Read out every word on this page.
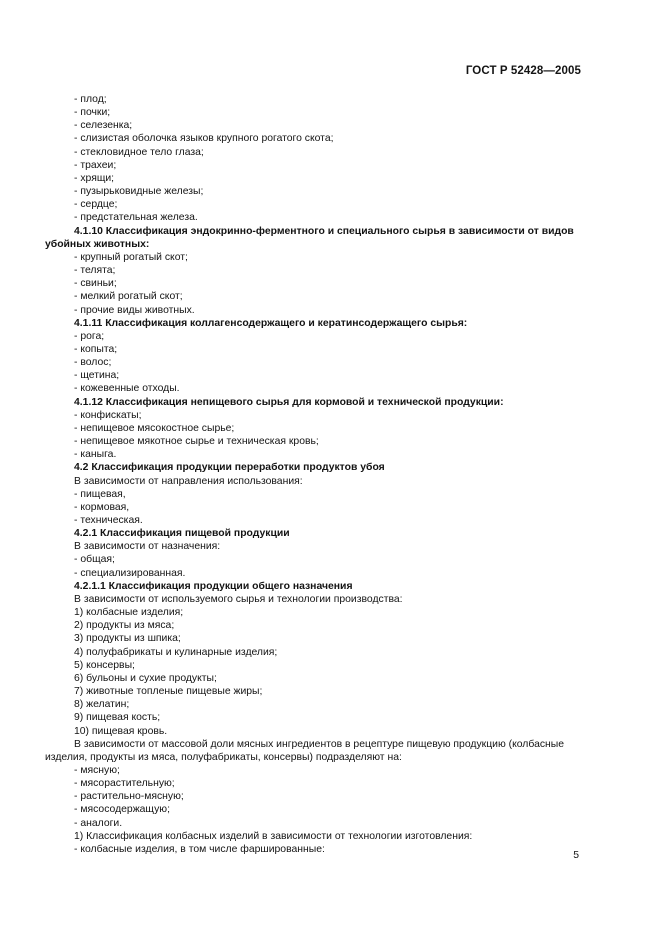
ГОСТ Р 52428—2005
- плод;
- почки;
- селезенка;
- слизистая оболочка языков крупного рогатого скота;
- стекловидное тело глаза;
- трахеи;
- хрящи;
- пузырьковидные железы;
- сердце;
- предстательная железа.
4.1.10 Классификация эндокринно-ферментного и специального сырья в зависимости от видов убойных животных:
- крупный рогатый скот;
- телята;
- свиньи;
- мелкий рогатый скот;
- прочие виды животных.
4.1.11 Классификация коллагенсодержащего и кератинсодержащего сырья:
- рога;
- копыта;
- волос;
- щетина;
- кожевенные отходы.
4.1.12 Классификация непищевого сырья для кормовой и технической продукции:
- конфискаты;
- непищевое мясокостное сырье;
- непищевое мякотное сырье и техническая кровь;
- каныга.
4.2 Классификация продукции переработки продуктов убоя
В зависимости от направления использования:
- пищевая,
- кормовая,
- техническая.
4.2.1 Классификация пищевой продукции
В зависимости от назначения:
- общая;
- специализированная.
4.2.1.1 Классификация продукции общего назначения
В зависимости от используемого сырья и технологии производства:
1) колбасные изделия;
2) продукты из мяса;
3) продукты из шпика;
4) полуфабрикаты и кулинарные изделия;
5) консервы;
6) бульоны и сухие продукты;
7) животные топленые пищевые жиры;
8) желатин;
9) пищевая кость;
10) пищевая кровь.
В зависимости от массовой доли мясных ингредиентов в рецептуре пищевую продукцию (колбасные изделия, продукты из мяса, полуфабрикаты, консервы) подразделяют на:
- мясную;
- мясорастительную;
- растительно-мясную;
- мясосодержащую;
- аналоги.
1) Классификация колбасных изделий в зависимости от технологии изготовления:
- колбасные изделия, в том числе фаршированные:
5
